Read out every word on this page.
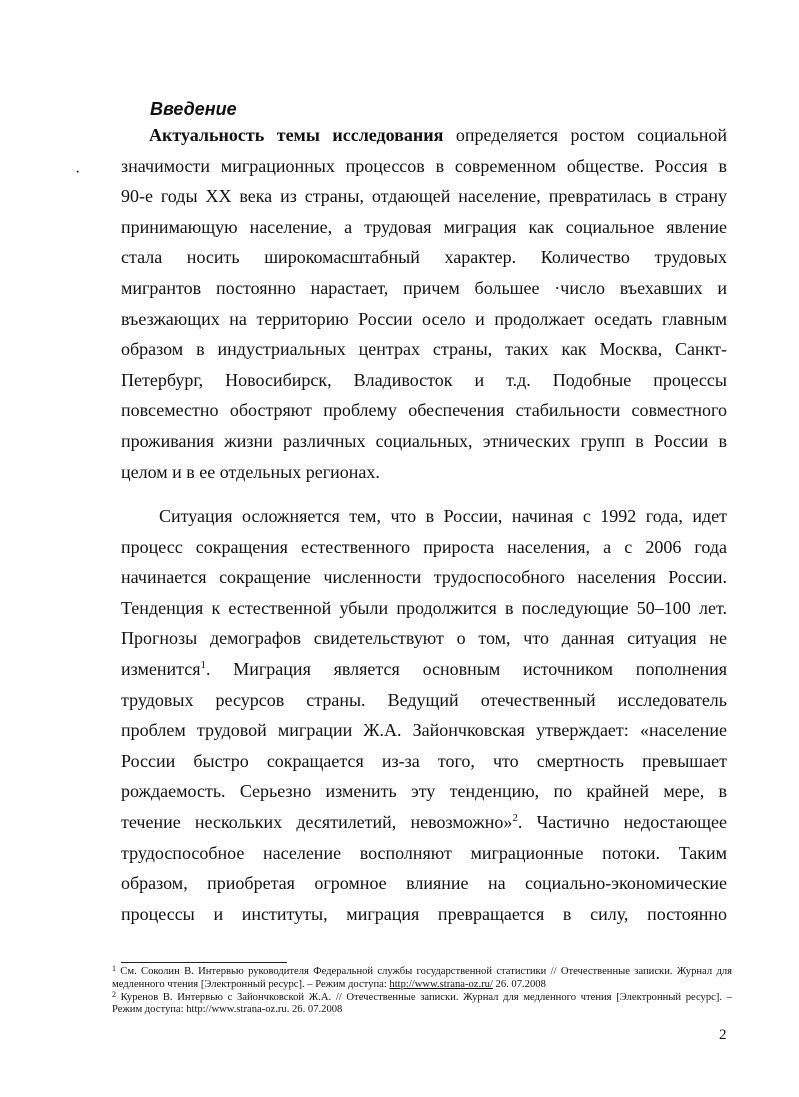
Введение
·
Актуальность темы исследования определяется ростом социальной
значимости миграционных процессов в современном обществе. Россия в
90-е годы XX века из страны, отдающей население, превратилась в страну
принимающую население, а трудовая миграция как социальное явление
стала носить широкомасштабный характер. Количество трудовых
мигрантов постоянно нарастает, причем большее ·число въехавших и
въезжающих на территорию России осело и продолжает оседать главным
образом в индустриальных центрах страны, таких как Москва, Санкт-
Петербург, Новосибирск, Владивосток и т.д. Подобные процессы
повсеместно обостряют проблему обеспечения стабильности совместного
проживания жизни различных социальных, этнических групп в России в
целом и в ее отдельных регионах.
Ситуация осложняется тем, что в России, начиная с 1992 года, идет
процесс сокращения естественного прироста населения, а с 2006 года
начинается сокращение численности трудоспособного населения России.
Тенденция к естественной убыли продолжится в последующие 50–100 лет.
Прогнозы демографов свидетельствуют о том, что данная ситуация не
изменится$^1$. Миграция является основным источником пополнения
трудовых ресурсов страны. Ведущий отечественный исследователь
проблем трудовой миграции Ж.А. Зайончковская утверждает: «население
России быстро сокращается из-за того, что смертность превышает
рождаемость. Серьезно изменить эту тенденцию, по крайней мере, в
течение нескольких десятилетий, невозможно»$^2$. Частично недостающее
трудоспособное население восполняют миграционные потоки. Таким
образом, приобретая огромное влияние на социально-экономические
процессы и институты, миграция превращается в силу, постоянно
$^1$ См. Соколин В. Интервью руководителя Федеральной службы государственной статистики // Отечественные записки. Журнал для медленного чтения [Электронный ресурс]. – Режим доступа: http://www.strana-oz.ru/ 26. 07.2008
$^2$ Куренов В. Интервью с Зайончковской Ж.А. // Отечественные записки. Журнал для медленного чтения [Электронный ресурс]. – Режим доступа: http://www.strana-oz.ru. 26. 07.2008
2
